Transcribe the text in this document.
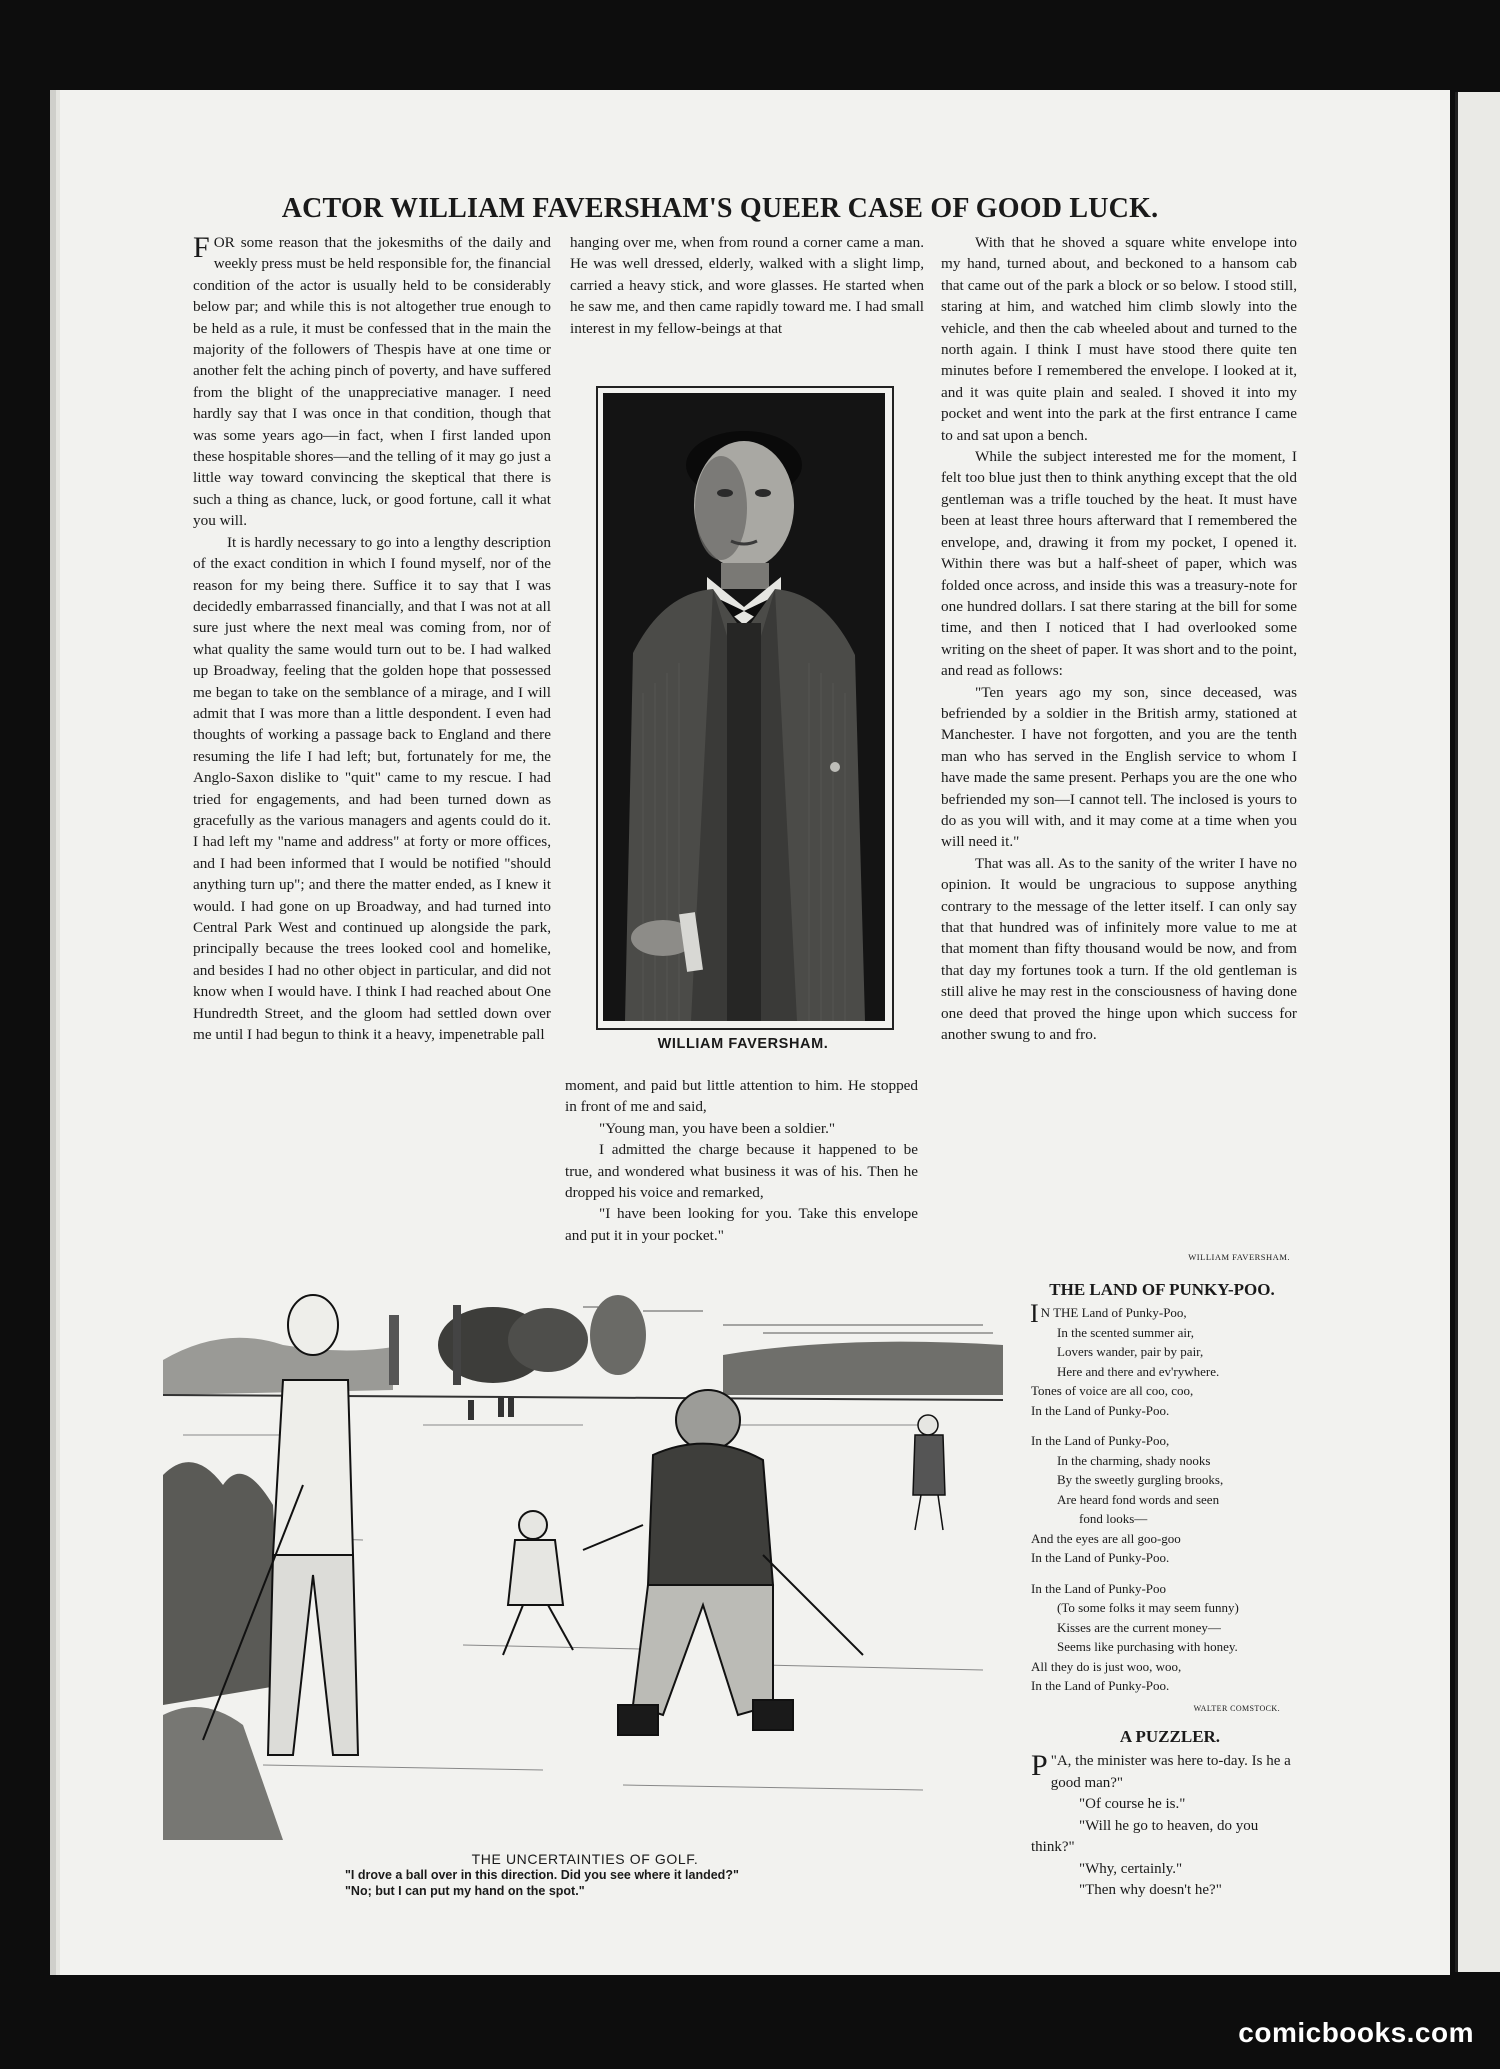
ACTOR WILLIAM FAVERSHAM'S QUEER CASE OF GOOD LUCK.

FOR some reason that the jokesmiths of the daily and weekly press must be held responsible for, the financial condition of the actor is usually held to be considerably below par; and while this is not altogether true enough to be held as a rule, it must be confessed that in the main the majority of the followers of Thespis have at one time or another felt the aching pinch of poverty, and have suffered from the blight of the unappreciative manager. I need hardly say that I was once in that condition, though that was some years ago—in fact, when I first landed upon these hospitable shores—and the telling of it may go just a little way toward convincing the skeptical that there is such a thing as chance, luck, or good fortune, call it what you will.

It is hardly necessary to go into a lengthy description of the exact condition in which I found myself, nor of the reason for my being there. Suffice it to say that I was decidedly embarrassed financially, and that I was not at all sure just where the next meal was coming from, nor of what quality the same would turn out to be. I had walked up Broadway, feeling that the golden hope that possessed me began to take on the semblance of a mirage, and I will admit that I was more than a little despondent. I even had thoughts of working a passage back to England and there resuming the life I had left; but, fortunately for me, the Anglo-Saxon dislike to "quit" came to my rescue. I had tried for engagements, and had been turned down as gracefully as the various managers and agents could do it. I had left my "name and address" at forty or more offices, and I had been informed that I would be notified "should anything turn up"; and there the matter ended, as I knew it would. I had gone on up Broadway, and had turned into Central Park West and continued up alongside the park, principally because the trees looked cool and homelike, and besides I had no other object in particular, and did not know when I would have. I think I had reached about One Hundredth Street, and the gloom had settled down over me until I had begun to think it a heavy, impenetrable pall

hanging over me, when from round a corner came a man. He was well dressed, elderly, walked with a slight limp, carried a heavy stick, and wore glasses. He started when he saw me, and then came rapidly toward me. I had small interest in my fellow-beings at that

WILLIAM FAVERSHAM.

moment, and paid but little attention to him. He stopped in front of me and said,

"Young man, you have been a soldier."

I admitted the charge because it happened to be true, and wondered what business it was of his. Then he dropped his voice and remarked,

"I have been looking for you. Take this envelope and put it in your pocket."

With that he shoved a square white envelope into my hand, turned about, and beckoned to a hansom cab that came out of the park a block or so below. I stood still, staring at him, and watched him climb slowly into the vehicle, and then the cab wheeled about and turned to the north again. I think I must have stood there quite ten minutes before I remembered the envelope. I looked at it, and it was quite plain and sealed. I shoved it into my pocket and went into the park at the first entrance I came to and sat upon a bench.

While the subject interested me for the moment, I felt too blue just then to think anything except that the old gentleman was a trifle touched by the heat. It must have been at least three hours afterward that I remembered the envelope, and, drawing it from my pocket, I opened it. Within there was but a half-sheet of paper, which was folded once across, and inside this was a treasury-note for one hundred dollars. I sat there staring at the bill for some time, and then I noticed that I had overlooked some writing on the sheet of paper. It was short and to the point, and read as follows:

"Ten years ago my son, since deceased, was befriended by a soldier in the British army, stationed at Manchester. I have not forgotten, and you are the tenth man who has served in the English service to whom I have made the same present. Perhaps you are the one who befriended my son—I cannot tell. The inclosed is yours to do as you will with, and it may come at a time when you will need it."

That was all. As to the sanity of the writer I have no opinion. It would be ungracious to suppose anything contrary to the message of the letter itself. I can only say that that hundred was of infinitely more value to me at that moment than fifty thousand would be now, and from that day my fortunes took a turn. If the old gentleman is still alive he may rest in the consciousness of having done one deed that proved the hinge upon which success for another swung to and fro.

WILLIAM FAVERSHAM.
THE UNCERTAINTIES OF GOLF.
"I drove a ball over in this direction. Did you see where it landed?"
"No; but I can put my hand on the spot."
THE LAND OF PUNKY-POO.
I N THE Land of Punky-Poo,
In the scented summer air,
Lovers wander, pair by pair,
Here and there and ev'rywhere.
Tones of voice are all coo, coo,
In the Land of Punky-Poo.
In the Land of Punky-Poo,
In the charming, shady nooks
By the sweetly gurgling brooks,
Are heard fond words and seen
fond looks—
And the eyes are all goo-goo
In the Land of Punky-Poo.
In the Land of Punky-Poo
(To some folks it may seem funny)
Kisses are the current money—
Seems like purchasing with honey.
All they do is just woo, woo,
In the Land of Punky-Poo.
WALTER COMSTOCK.
A PUZZLER.
"
P A, the minister was here to-day. Is he a good man?"
"Of course he is."
"Will he go to heaven, do you think?"
"Why, certainly."
"Then why doesn't he?"
comicbooks.com
